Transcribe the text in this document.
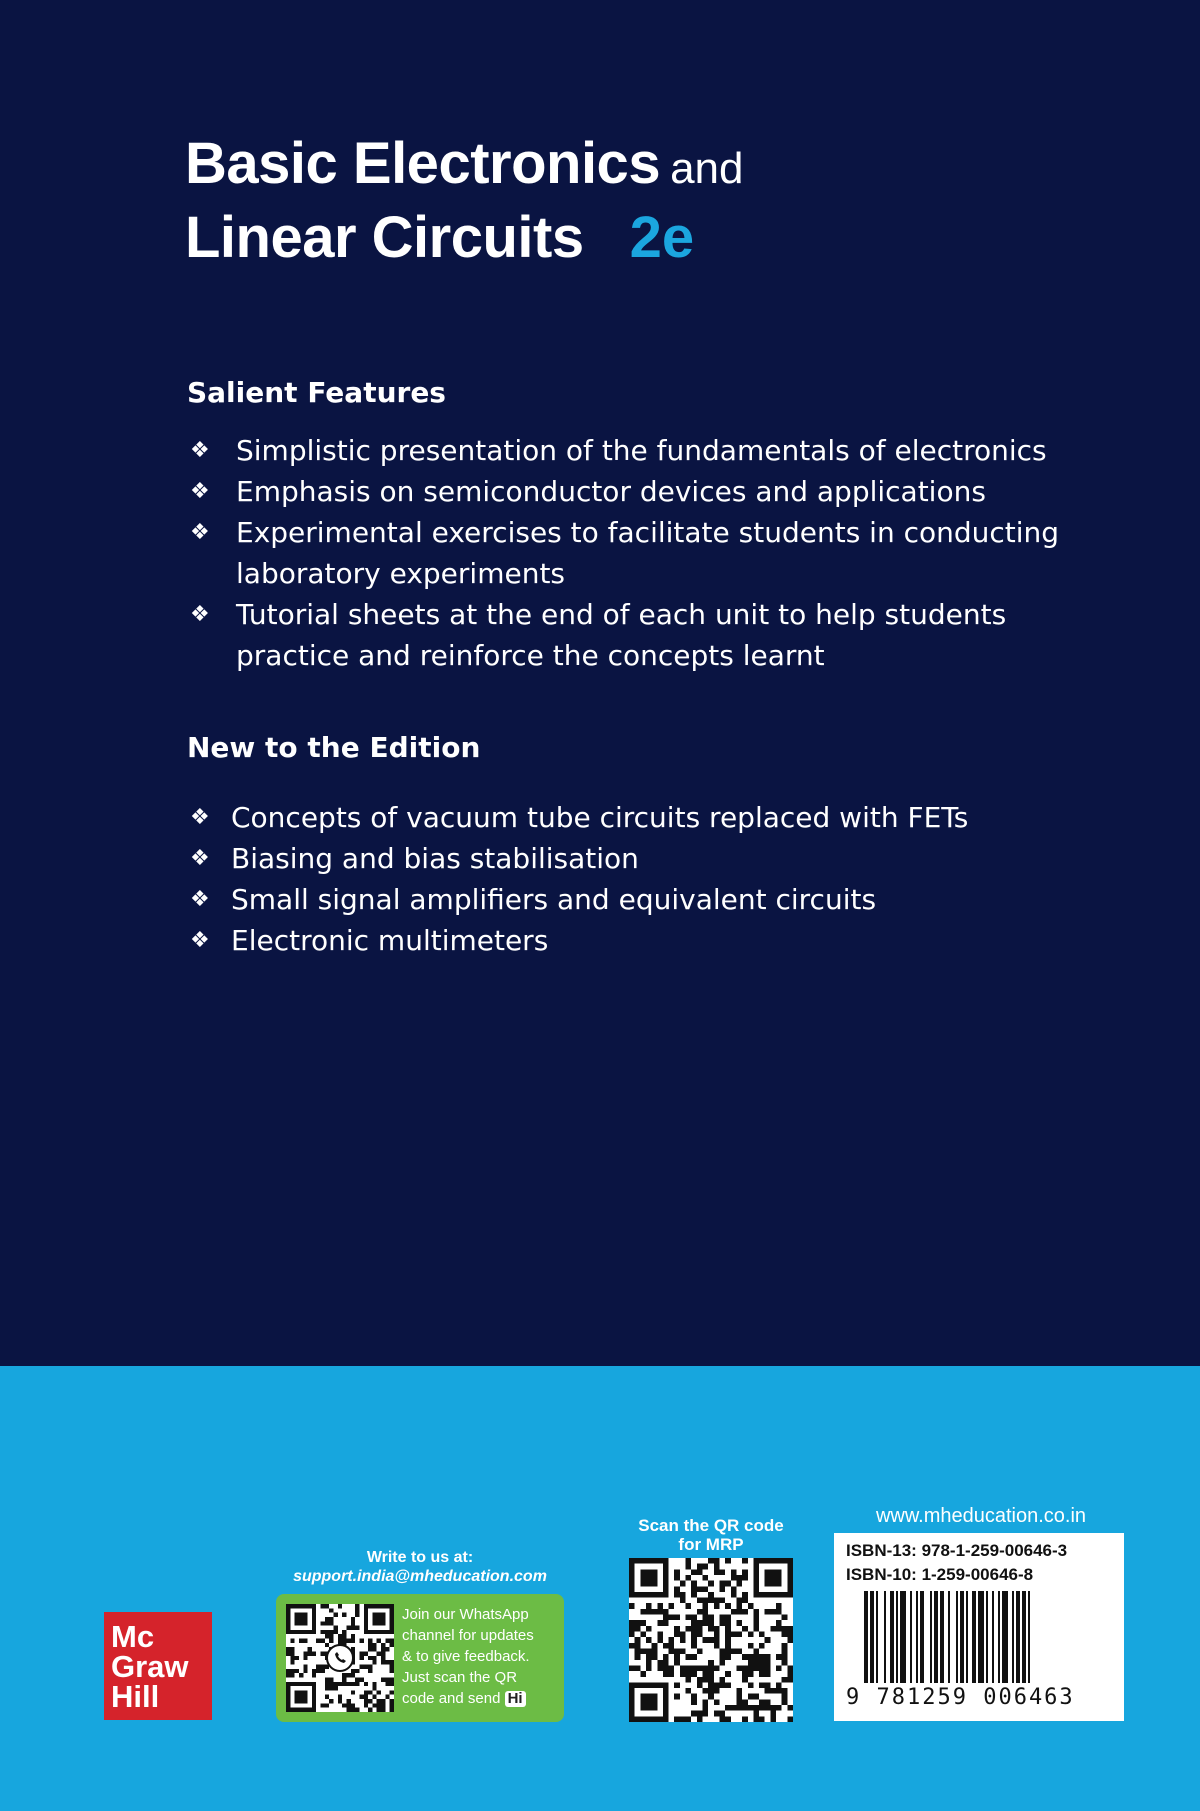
Basic Electronics and
Linear Circuits 2e
Salient Features
❖ Simplistic presentation of the fundamentals of electronics
❖ Emphasis on semiconductor devices and applications
❖ Experimental exercises to facilitate students in conducting
laboratory experiments
❖ Tutorial sheets at the end of each unit to help students
practice and reinforce the concepts learnt
New to the Edition
❖ Concepts of vacuum tube circuits replaced with FETs
❖ Biasing and bias stabilisation
❖ Small signal amplifiers and equivalent circuits
❖ Electronic multimeters
Mc
Graw
Hill
Write to us at:
support.india@mheducation.com
Join our WhatsApp
channel for updates
& to give feedback.
Just scan the QR
code and send Hi
Scan the QR code
for MRP
www.mheducation.co.in
ISBN-13: 978-1-259-00646-3
ISBN-10: 1-259-00646-8
9 781259 006463
